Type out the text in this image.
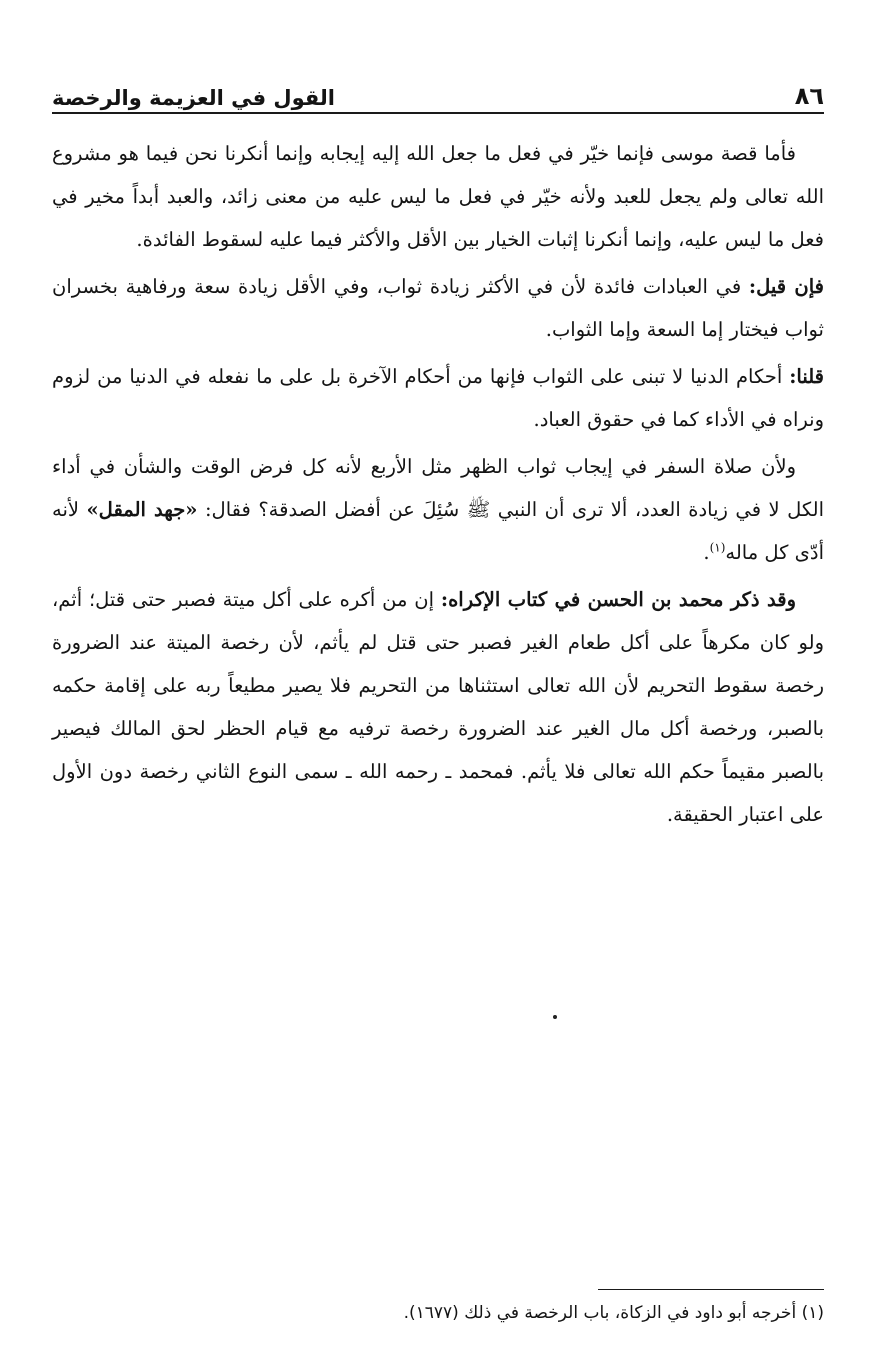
٨٦
القول في العزيمة والرخصة

فأما قصة موسى فإنما خيّر في فعل ما جعل الله إليه إيجابه وإنما أنكرنا نحن فيما هو مشروع الله تعالى ولم يجعل للعبد ولأنه خيّر في فعل ما ليس عليه من معنى زائد، والعبد أبداً مخير في فعل ما ليس عليه، وإنما أنكرنا إثبات الخيار بين الأقل والأكثر فيما عليه لسقوط الفائدة.

فإن قيل: في العبادات فائدة لأن في الأكثر زيادة ثواب، وفي الأقل زيادة سعة ورفاهية بخسران ثواب فيختار إما السعة وإما الثواب.

قلنا: أحكام الدنيا لا تبنى على الثواب فإنها من أحكام الآخرة بل على ما نفعله في الدنيا من لزوم ونراه في الأداء كما في حقوق العباد.

ولأن صلاة السفر في إيجاب ثواب الظهر مثل الأربع لأنه كل فرض الوقت والشأن في أداء الكل لا في زيادة العدد، ألا ترى أن النبي ﷺ سُئِلَ عن أفضل الصدقة؟ فقال: «جهد المقل» لأنه أدّى كل ماله$^{(١)}$.

وقد ذكر محمد بن الحسن في كتاب الإكراه: إن من أكره على أكل ميتة فصبر حتى قتل؛ أثم، ولو كان مكرهاً على أكل طعام الغير فصبر حتى قتل لم يأثم، لأن رخصة الميتة عند الضرورة رخصة سقوط التحريم لأن الله تعالى استثناها من التحريم فلا يصير مطيعاً ربه على إقامة حكمه بالصبر، ورخصة أكل مال الغير عند الضرورة رخصة ترفيه مع قيام الحظر لحق المالك فيصير بالصبر مقيماً حكم الله تعالى فلا يأثم. فمحمد ـ رحمه الله ـ سمى النوع الثاني رخصة دون الأول على اعتبار الحقيقة.

(١) أخرجه أبو داود في الزكاة، باب الرخصة في ذلك (١٦٧٧).
